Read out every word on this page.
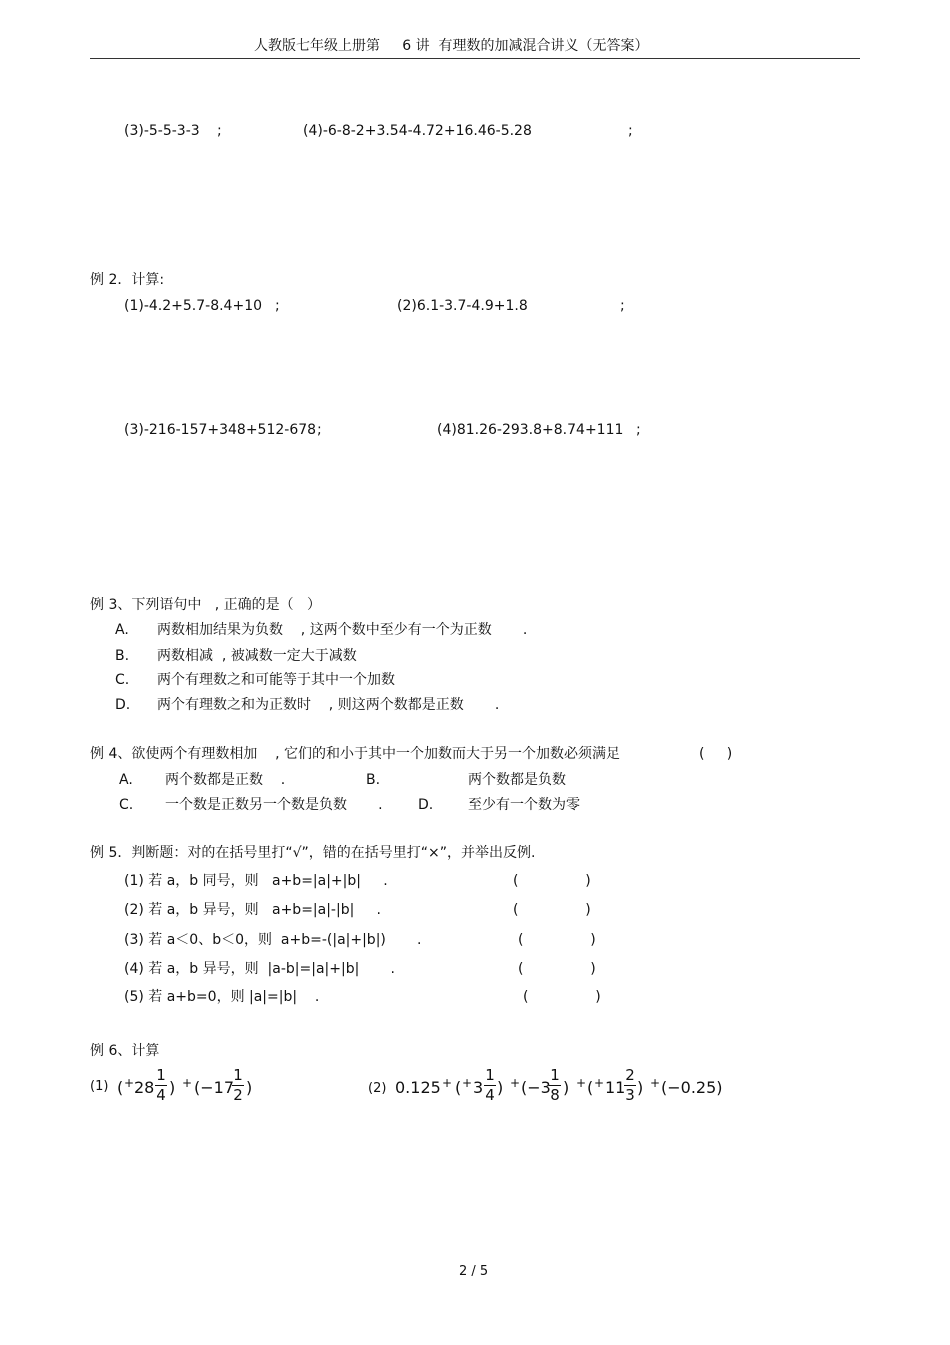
人教版七年级上册第     6 讲  有理数的加减混合讲义（无答案）
(3)-5-5-3-3 ;	(4)-6-8-2+3.54-4.72+16.46-5.28	;
例 2．计算:
(1)-4.2+5.7-8.4+10 ;	(2)6.1-3.7-4.9+1.8	;
(3)-216-157+348+512-678 ;	(4)81.26-293.8+8.74+111 ;
例 3、下列语句中   , 正确的是（   ）
A. 两数相加结果为负数    , 这两个数中至少有一个为正数       .
B. 两数相减  , 被减数一定大于减数
C. 两个有理数之和可能等于其中一个加数
D. 两个有理数之和为正数时    , 则这两个数都是正数       .
例 4、欲使两个有理数相加    , 它们的和小于其中一个加数而大于另一个加数必须满足	(     )
A. 两个数都是正数    .	B.	两个数都是负数
C. 一个数是正数另一个数是负数       .	D. 至少有一个数为零
例 5．判断题：对的在括号里打“√”，错的在括号里打“×”，并举出反例.
(1) 若 a，b 同号，则   a+b=|a|+|b|     .	(               )
(2) 若 a，b 异号，则   a+b=|a|-|b|     .	(               )
(3) 若 a＜0、b＜0，则  a+b=-(|a|+|b|)       .	(               )
(4) 若 a，b 异号，则  |a-b|=|a|+|b|       .	(               )
(5) 若 a+b=0，则 |a|=|b|    .	(               )
例 6、计算
(1) ( + 28
1
4 ) + (−17
1
2 )	(2) 0.125 + ( + 3
1
4 ) + (−3
1
8 ) + ( + 11
2
3 ) + (−0.25)
2 / 5
